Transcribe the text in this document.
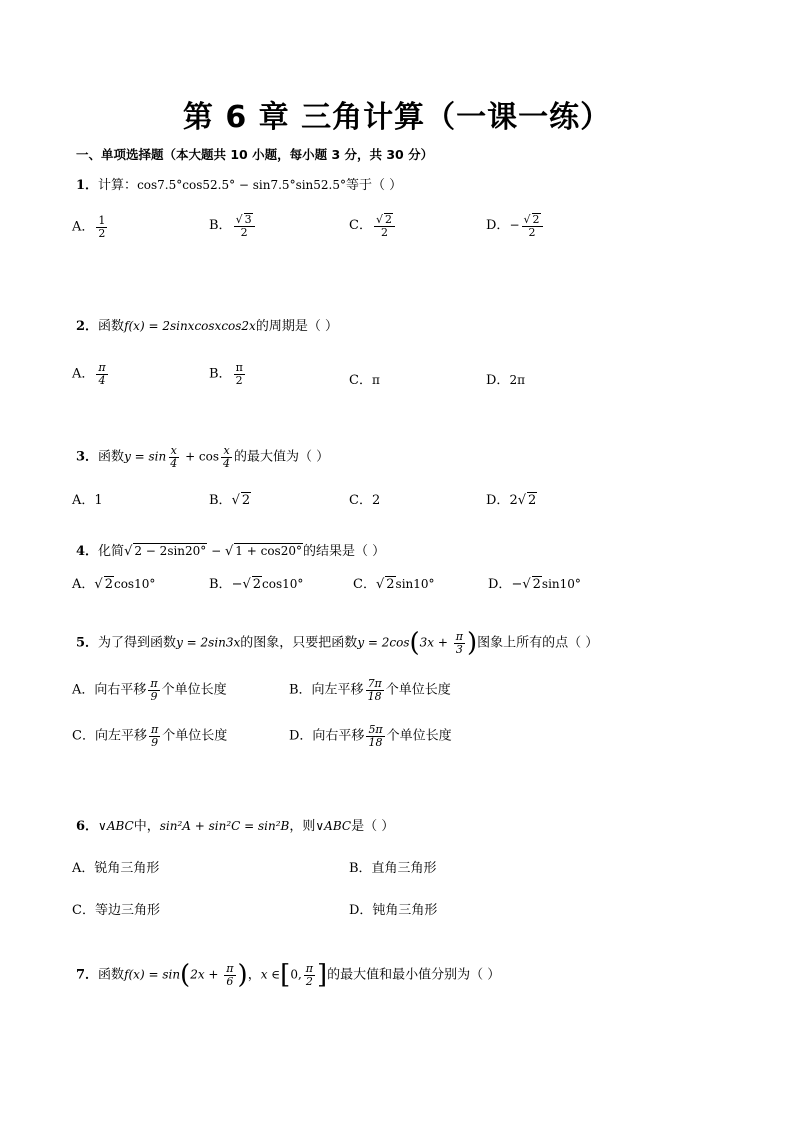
第 6 章 三角计算（一课一练）
一、单项选择题（本大题共 10 小题，每小题 3 分，共 30 分）
1．计算：cos7.5°cos52.5° − sin7.5°sin52.5°等于（ ）
A． $\frac{1}{2}$	B． √ $\frac{3}{2}$	C． √ $\frac{2}{2}$	D．− √ $\frac{2}{2}$
2．函数f(x) = 2sinxcosxcos2x的周期是（ ）
A． $\frac{\pi}{4}$	B． $\frac{\pi}{2}$	C．π	D．2π
3．函数$y = \sin \frac{x}{4} + \cos \frac{x}{4}$ 的最大值为（ ）
A．1	B． √ 2	C．2	D．2 √ 2
4．化简 √ 2 − 2sin20° − √ 1 + cos20°的结果是（ ）
A． √ 2cos10°	B．− √ 2cos10°	C． √ 2sin10°	D．− √ 2sin10°
5．为了得到函数y = 2sin3x的图象，只要把函数$y = 2\cos(3x + \frac{\pi}{3}$ )图象上所有的点（ ）
A．向右平移 $\frac{\pi}{9}$ 个单位长度	B．向左平移 $\frac{7\pi}{18}$ 个单位长度
C．向左平移 $\frac{\pi}{9}$ 个单位长度	D．向右平移 $\frac{5\pi}{18}$ 个单位长度
6．∨ABC中，sin²A + sin²C = sin²B，则∨ABC是（ ）
A．锐角三角形	B．直角三角形
C．等边三角形	D．钝角三角形
7．函数$f(x) = \sin(2x + \frac{\pi}{6}$ )，x ∈[0, $\frac{\pi}{2}$ ]的最大值和最小值分别为（ ）
